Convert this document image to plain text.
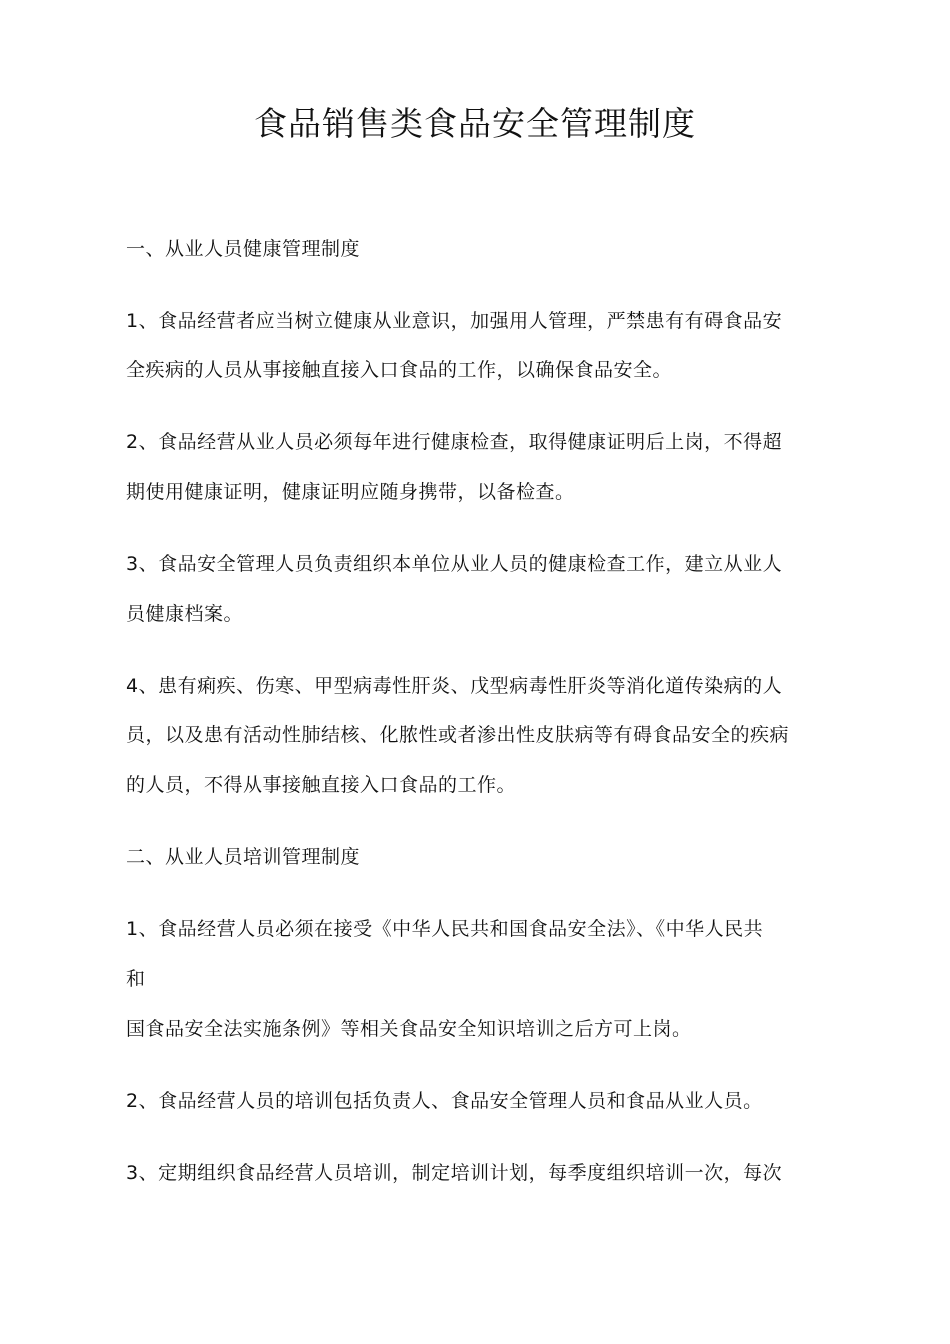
食品销售类食品安全管理制度

一、从业人员健康管理制度

1、食品经营者应当树立健康从业意识，加强用人管理，严禁患有有碍食品安

全疾病的人员从事接触直接入口食品的工作，以确保食品安全。

2、食品经营从业人员必须每年进行健康检查，取得健康证明后上岗，不得超

期使用健康证明，健康证明应随身携带，以备检查。

3、食品安全管理人员负责组织本单位从业人员的健康检查工作，建立从业人

员健康档案。

4、患有痢疾、伤寒、甲型病毒性肝炎、戊型病毒性肝炎等消化道传染病的人

员，以及患有活动性肺结核、化脓性或者渗出性皮肤病等有碍食品安全的疾病

的人员，不得从事接触直接入口食品的工作。

二、从业人员培训管理制度

1、食品经营人员必须在接受《中华人民共和国食品安全法》、《中华人民共

和

国食品安全法实施条例》等相关食品安全知识培训之后方可上岗。

2、食品经营人员的培训包括负责人、食品安全管理人员和食品从业人员。

3、定期组织食品经营人员培训，制定培训计划，每季度组织培训一次，每次
